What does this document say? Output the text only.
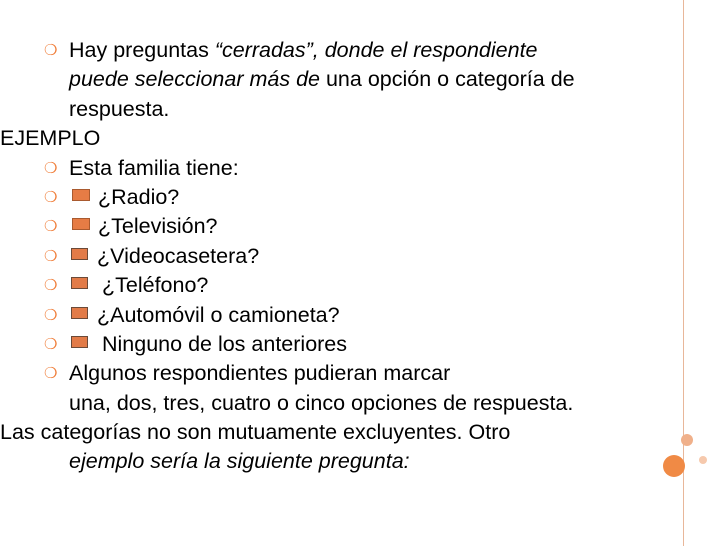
❍ Hay preguntas “cerradas”, donde el respondiente
puede seleccionar más de una opción o categoría de
respuesta.
EJEMPLO
❍ Esta familia tiene:
❍ ¿Radio?
❍ ¿Televisión?
❍ ¿Videocasetera?
❍ ¿Teléfono?
❍ ¿Automóvil o camioneta?
❍ Ninguno de los anteriores
❍ Algunos respondientes pudieran marcar
una, dos, tres, cuatro o cinco opciones de respuesta.
Las categorías no son mutuamente excluyentes. Otro
ejemplo sería la siguiente pregunta:
